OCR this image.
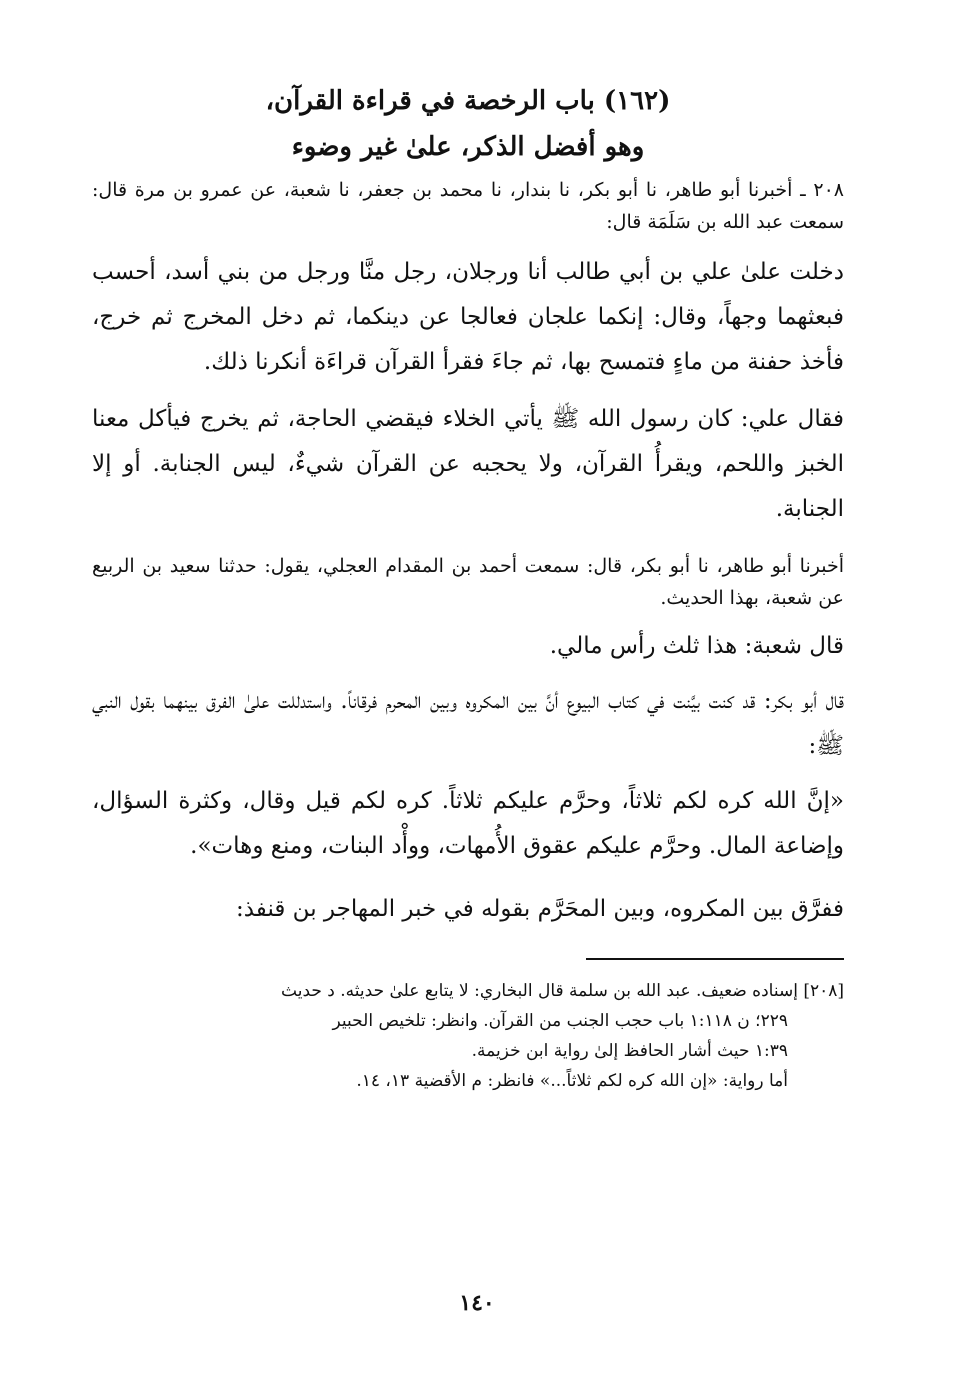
(١٦٢) باب الرخصة في قراءة القرآن،
وهو أفضل الذكر، علىٰ غير وضوء

٢٠٨ ـ أخبرنا أبو طاهر، نا أبو بكر، نا بندار، نا محمد بن جعفر، نا شعبة، عن عمرو بن مرة قال: سمعت عبد الله بن سَلَمَة قال:

دخلت علىٰ علي بن أبي طالب أنا ورجلان، رجل منَّا ورجل من بني أسد، أحسب فبعثهما وجهاً، وقال: إنكما علجان فعالجا عن دينكما، ثم دخل المخرج ثم خرج، فأخذ حفنة من ماءٍ فتمسح بها، ثم جاءَ فقرأ القرآن قراءَة أنكرنا ذلك.

فقال علي: كان رسول الله ﷺ يأتي الخلاء فيقضي الحاجة، ثم يخرج فيأكل معنا الخبز واللحم، ويقرأُ القرآن، ولا يحجبه عن القرآن شيءٌ، ليس الجنابة. أو إلا الجنابة.

أخبرنا أبو طاهر، نا أبو بكر، قال: سمعت أحمد بن المقدام العجلي، يقول: حدثنا سعيد بن الربيع عن شعبة، بهذا الحديث.

قال شعبة: هذا ثلث رأس مالي.

قال أبو بكر: قد كنت بيَّنت في كتاب البيوع أنَّ بين المكروه وبين المحرم فرقاناً. واستدللت علىٰ الفرق بينهما بقول النبي ﷺ:

«إنَّ الله كره لكم ثلاثاً، وحرَّم عليكم ثلاثاً. كره لكم قيل وقال، وكثرة السؤال، وإضاعة المال. وحرَّم عليكم عقوق الأُمهات، ووأْد البنات، ومنع وهات».

ففرَّق بين المكروه، وبين المحَرَّم بقوله في خبر المهاجر بن قنفذ:

[٢٠٨] إسناده ضعيف. عبد الله بن سلمة قال البخاري: لا يتابع علىٰ حديثه. د حديث

٢٢٩؛ ن ١:١١٨ باب حجب الجنب من القرآن. وانظر: تلخيص الحبير

١:٣٩ حيث أشار الحافظ إلىٰ رواية ابن خزيمة.

أما رواية: «إن الله كره لكم ثلاثاً...» فانظر: م الأقضية ١٣، ١٤.

١٤٠
